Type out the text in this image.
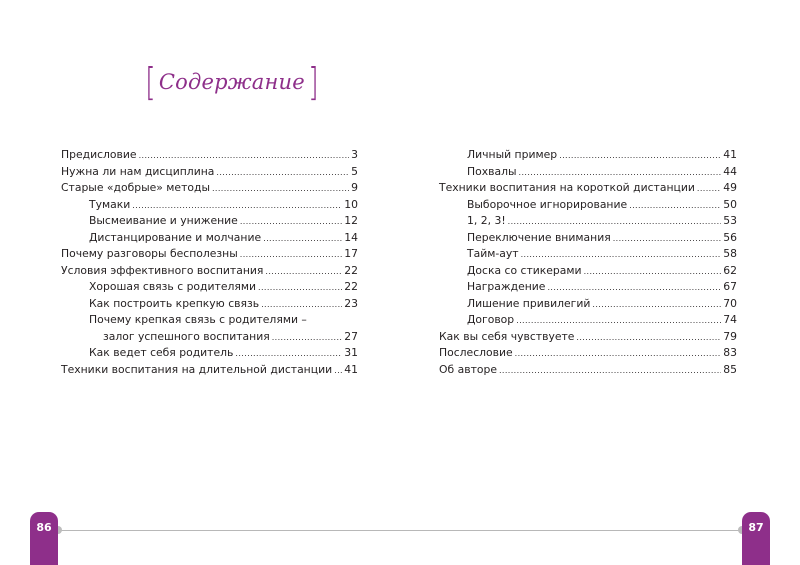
[ Содержание ]
Предисловие .....	3
Нужна ли нам дисциплина .....	5
Старые «добрые» методы .....	9
Тумаки .....	10
Высмеивание и унижение .....	12
Дистанцирование и молчание .....	14
Почему разговоры бесполезны .....	17
Условия эффективного воспитания .....	22
Хорошая связь с родителями .....	22
Как построить крепкую связь .....	23
Почему крепкая связь с родителями –
залог успешного воспитания .....	27
Как ведет себя родитель .....	31
Техники воспитания на длительной дистанции ..... 41
Личный пример .....	41
Похвалы .....	44
Техники воспитания на короткой дистанции .....	49
Выборочное игнорирование .....	50
1, 2, 3! .....	53
Переключение внимания .....	56
Тайм-аут .....	58
Доска со стикерами .....	62
Награждение .....	67
Лишение привилегий .....	70
Договор .....	74
Как вы себя чувствуете .....	79
Послесловие .....	83
Об авторе .....	85
86	87
